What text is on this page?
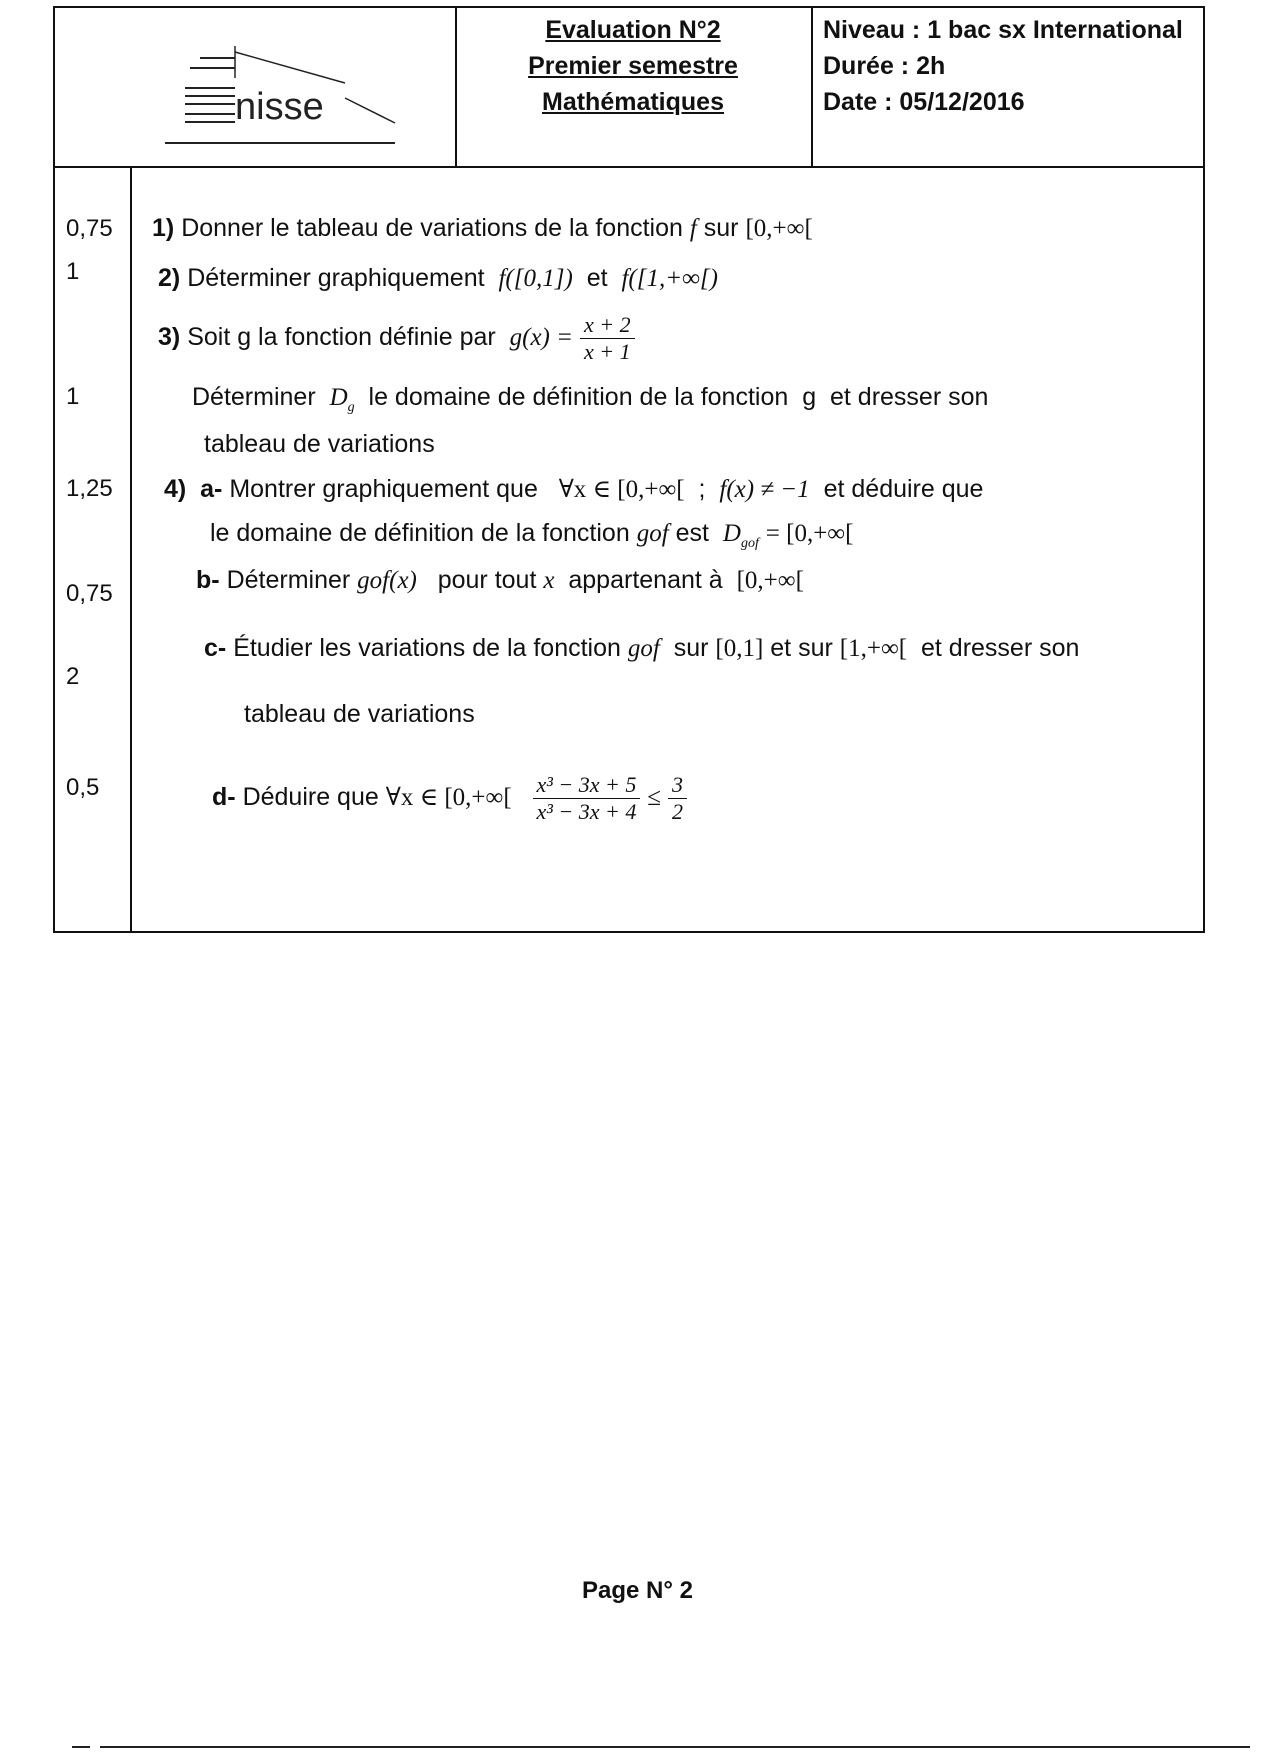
nisse
Evaluation N°2
Premier semestre
Mathématiques
Niveau : 1 bac sx International
Durée : 2h
Date : 05/12/2016
0,75
1
1
1,25
0,75
2
0,5
1) Donner le tableau de variations de la fonction f sur [0,+∞[
2) Déterminer graphiquement f([0,1]) et f([1,+∞[)
3) Soit g la fonction définie par $g(x) = \frac{x + 2}{x + 1}$
Déterminer $D_g$ le domaine de définition de la fonction g et dresser son
tableau de variations
4) a- Montrer graphiquement que ∀x ∈ [0,+∞[ ; f(x) ≠ −1 et déduire que
le domaine de définition de la fonction gof est $D_{gof} = [0,+\infty$[
b- Déterminer gof(x) pour tout x appartenant à [0,+∞[
c- Étudier les variations de la fonction gof sur [0,1] et sur [1,+∞[ et dresser son
tableau de variations
d- Déduire que ∀x ∈ [$0,+\infty[ \frac{\text{x³ − 3x + 5}}{\text{x³ − 3x + 4}} \le \frac{3}{2}$
Page N° 2
